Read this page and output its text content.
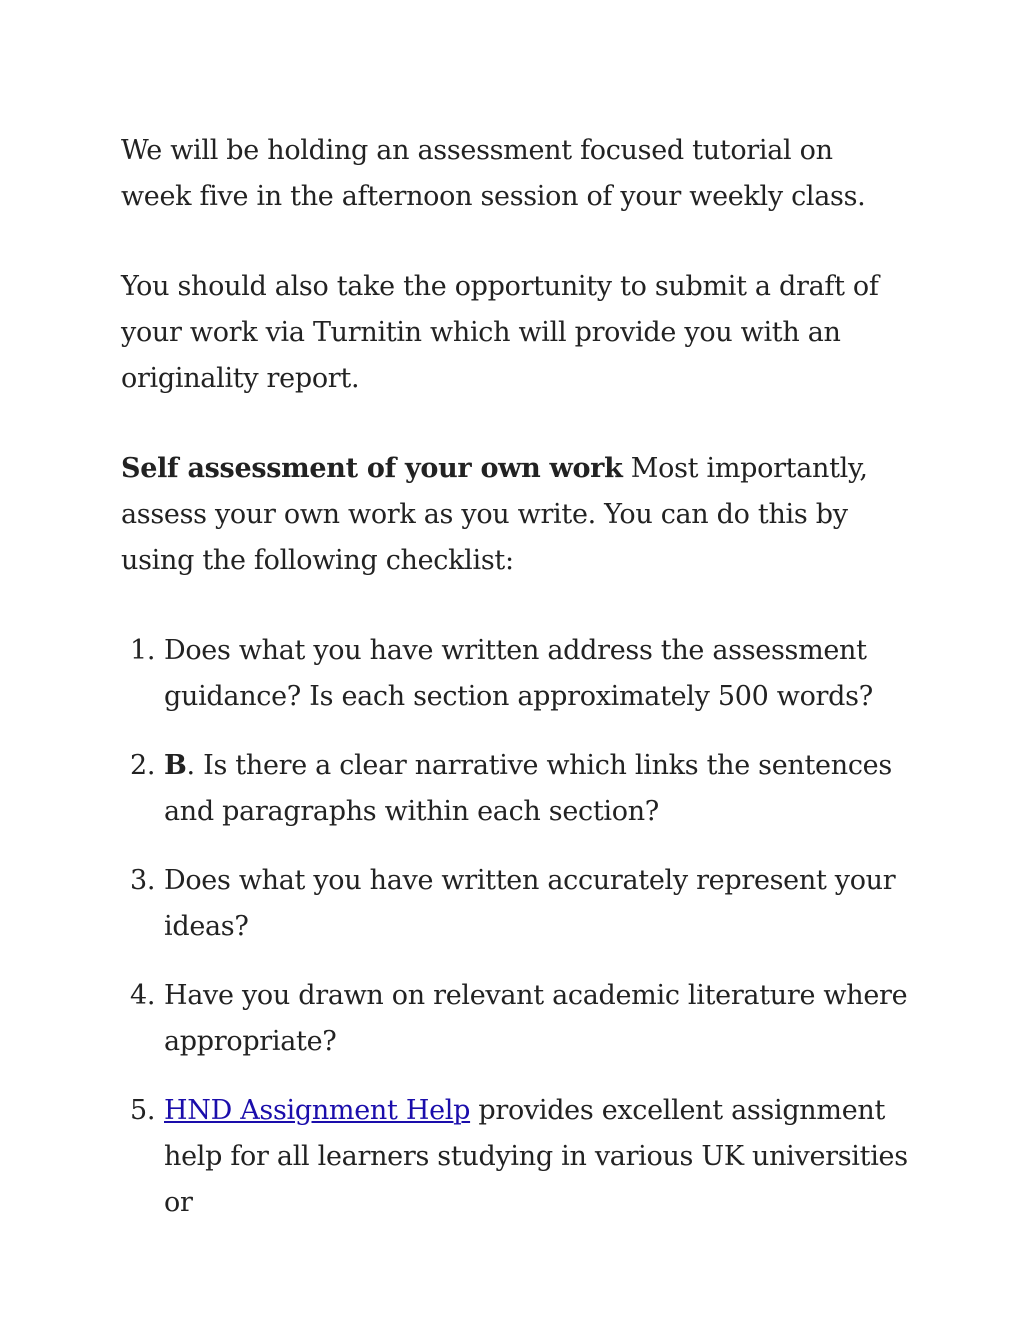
We will be holding an assessment focused tutorial on week five in the afternoon session of your weekly class.

You should also take the opportunity to submit a draft of your work via Turnitin which will provide you with an originality report.

Self assessment of your own work Most importantly, assess your own work as you write. You can do this by using the following checklist:

1. Does what you have written address the assessment guidance? Is each section approximately 500 words?
2. B. Is there a clear narrative which links the sentences and paragraphs within each section?
3. Does what you have written accurately represent your ideas?
4. Have you drawn on relevant academic literature where appropriate?
5. HND Assignment Help provides excellent assignment help for all learners studying in various UK universities or
